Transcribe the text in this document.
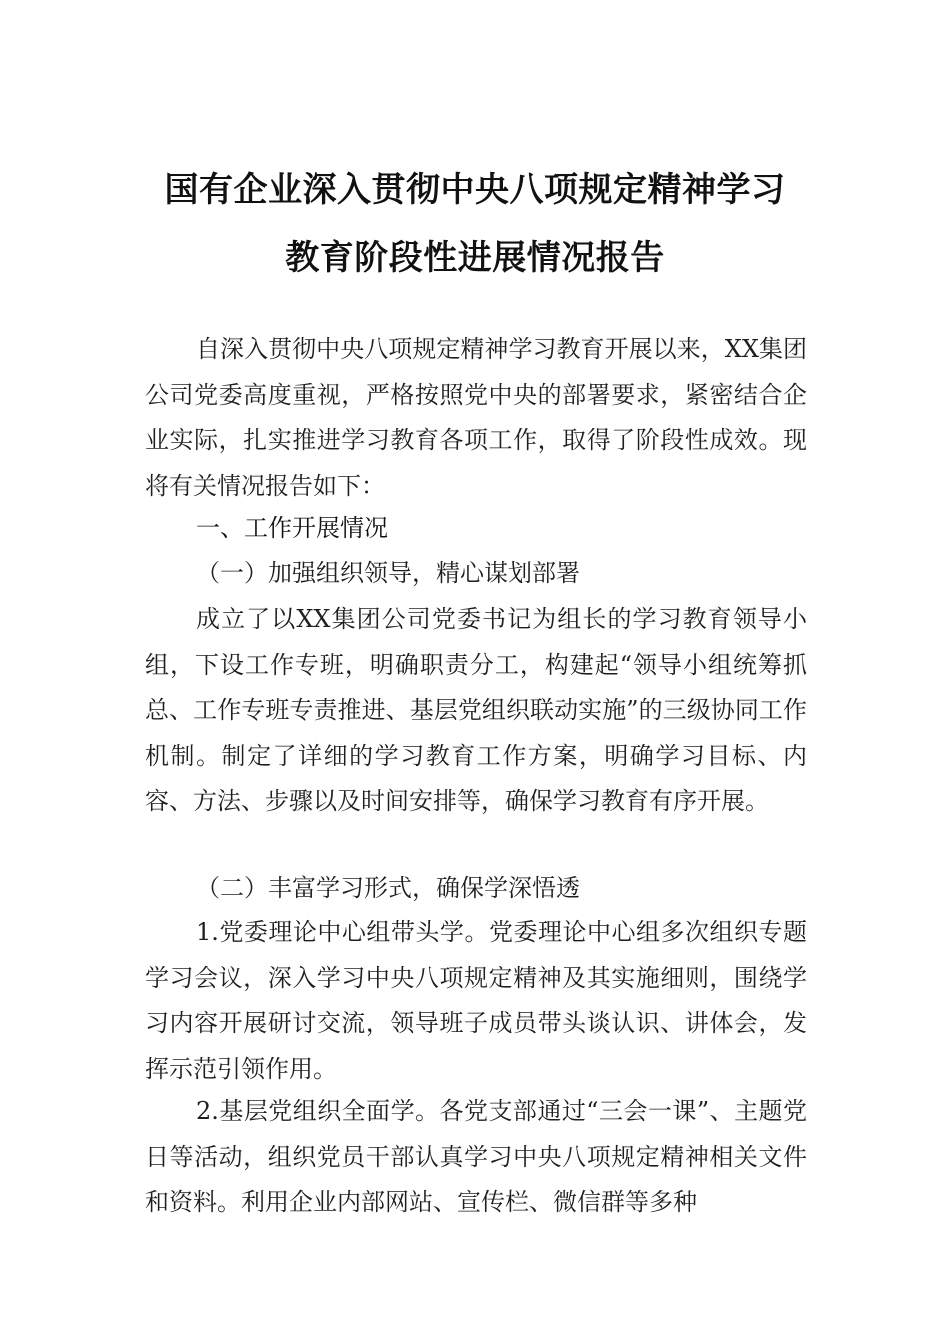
国有企业深入贯彻中央八项规定精神学习
教育阶段性进展情况报告

自深入贯彻中央八项规定精神学习教育开展以来，XX集团公司党委高度重视，严格按照党中央的部署要求，紧密结合企业实际，扎实推进学习教育各项工作，取得了阶段性成效。现将有关情况报告如下：

一、工作开展情况
（一）加强组织领导，精心谋划部署

成立了以XX集团公司党委书记为组长的学习教育领导小组，下设工作专班，明确职责分工，构建起“领导小组统筹抓总、工作专班专责推进、基层党组织联动实施”的三级协同工作机制。制定了详细的学习教育工作方案，明确学习目标、内容、方法、步骤以及时间安排等，确保学习教育有序开展。

（二）丰富学习形式，确保学深悟透

1.党委理论中心组带头学。党委理论中心组多次组织专题学习会议，深入学习中央八项规定精神及其实施细则，围绕学习内容开展研讨交流，领导班子成员带头谈认识、讲体会，发挥示范引领作用。

2.基层党组织全面学。各党支部通过“三会一课”、主题党日等活动，组织党员干部认真学习中央八项规定精神相关文件和资料。利用企业内部网站、宣传栏、微信群等多种
